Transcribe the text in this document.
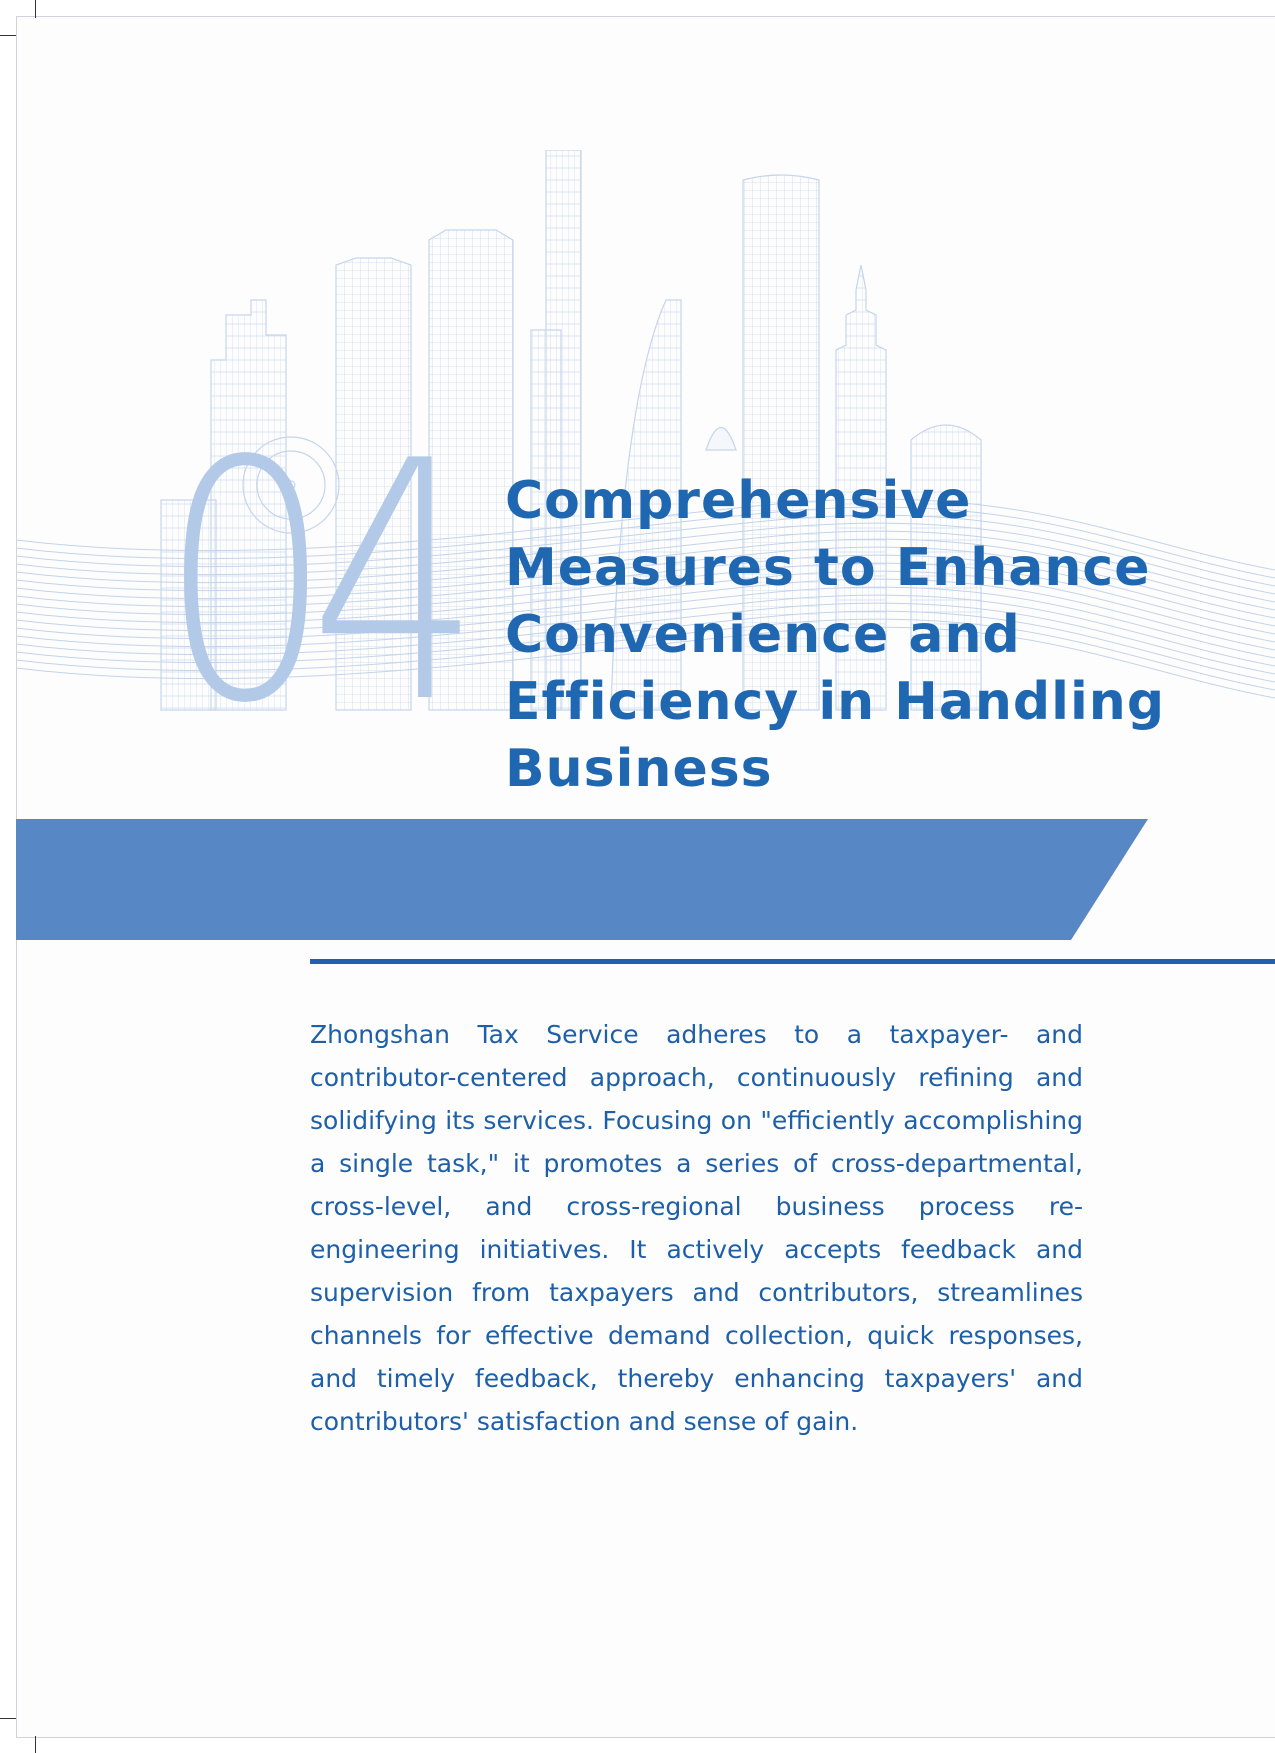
04 Comprehensive
Measures to Enhance
Convenience and
Efficiency in Handling
Business

Zhongshan Tax Service adheres to a taxpayer- and contributor-centered approach, continuously refining and solidifying its services. Focusing on "efficiently accomplishing a single task," it promotes a series of cross-departmental, cross-level, and cross-regional business process re-engineering initiatives. It actively accepts feedback and supervision from taxpayers and contributors, streamlines channels for effective demand collection, quick responses, and timely feedback, thereby enhancing taxpayers' and contributors' satisfaction and sense of gain.
